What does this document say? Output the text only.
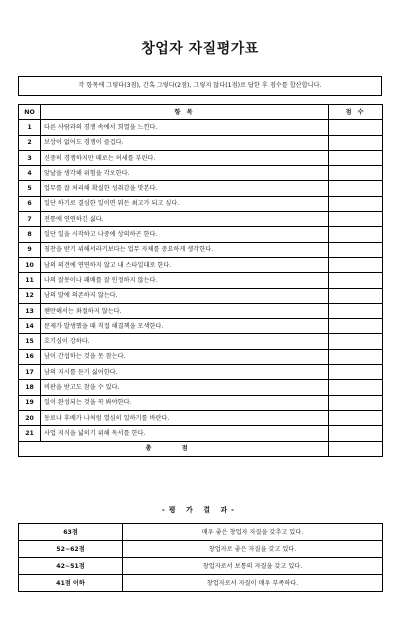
창업자 자질평가표
각 항목에 그렇다(3점), 간혹 그렇다(2점), 그렇지 않다(1점)로 답한 후 점수를 합산합니다.
NO	항 목	점 수
1	다른 사람과의 경쟁 속에서 희열을 느낀다.	
2	보상이 없어도 경쟁이 즐겁다.	
3	신중히 경쟁하지만 때로는 허세를 부린다.	
4	앞날을 생각해 위험을 각오한다.	
5	업무를 잘 처리해 확실한 성취감을 맛본다.	
6	일단 하기로 결심한 일이면 뭐든 최고가 되고 싶다.	
7	전통에 연연하긴 싫다.	
8	일단 일을 시작하고 나중에 상의하곤 한다.	
9	칭찬을 받기 위해서라기보다는 업무 자체를 중요하게 생각한다.	
10	남의 의견에 연연하지 않고 내 스타일대로 한다.	
11	나의 잘못이나 패배를 잘 인정하지 않는다.	
12	남의 말에 의존하지 않는다.	
13	웬만해서는 좌절하지 않는다.	
14	문제가 발생했을 때 직접 해결책을 모색한다.	
15	호기심이 강하다.	
16	남이 간섭하는 것을 못 참는다.	
17	남의 지시를 듣기 싫어한다.	
18	비판을 받고도 참을 수 있다.	
19	일이 완성되는 것을 꼭 봐야한다.	
20	동료나 후배가 나처럼 열심히 일하기를 바란다.	
21	사업 지식을 넓히기 위해 독서를 한다.	
총 점		
-평 가 결 과-
63점	매우 좋은 창업자 자질을 갖추고 있다.
52~62점	창업자로 좋은 자질을 갖고 있다.
42~51점	창업자로서 보통의 자질을 갖고 있다.
41점 이하	창업자로서 자질이 매우 부족하다.
